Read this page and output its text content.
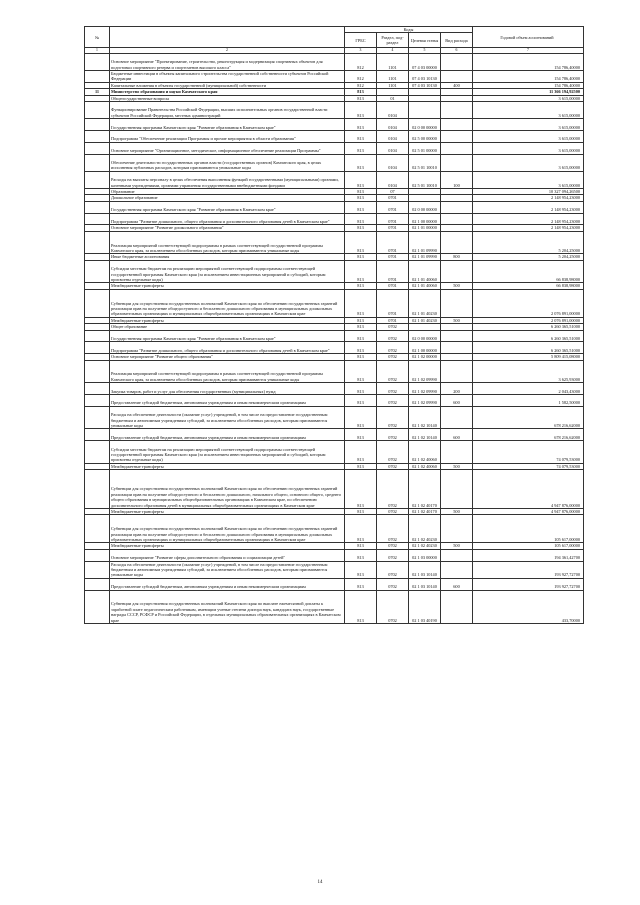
№		Коды				Годовой объем ассигнований
		ГРБС	Раздел, под-раздел	Целевая статья	Вид расхода	
1	2	3	4	5	6	7
	Основное мероприятие "Проектирование, строительство, реконструкция и модернизация спортивных объектов для подготовки спортивного резерва и спортсменов высокого класса"	812	1101	07 4 03 00000		154 786,40000
	Бюджетные инвестиции в объекты капитального строительства государственной собственности субъектов Российской Федерации	812	1101	07 4 03 10130		154 786,40000
	Капитальные вложения в объекты государственной (муниципальной) собственности	812	1101	07 4 03 10130	400	154 786,40000
11	Министерство образования и науки Камчатского края	813				11 366 194,92500
	Общегосударственные вопросы	813	01			3 615,00000
	Функционирование Правительства Российской Федерации, высших исполнительных органов государственной власти субъектов Российской Федерации, местных администраций	813	0104			3 615,00000
	Государственная программа Камчатского края "Развитие образования в Камчатском крае"	813	0104	02 0 00 00000		3 615,00000
	Подпрограмма "Обеспечение реализации Программы и прочие мероприятия в области образования"	813	0104	02 5 00 00000		3 615,00000
	Основное мероприятие "Организационное, методическое, информационное обеспечение реализации Программы"	813	0104	02 5 01 00000		3 615,00000
	Обеспечение деятельности государственных органов власти (государственных органов) Камчатского края, в целях исполнения публичных расходов, которым присваиваются уникальные коды	813	0104	02 5 01 10010		3 615,00000
	Расходы на выплаты персоналу в целях обеспечения выполнения функций государственными (муниципальными) органами, казенными учреждениями, органами управления государственными внебюджетными фондами	813	0104	02 5 01 10010	100	3 615,00000
	Образование	813	07			10 327 094,26500
	Дошкольное образование	813	0701			2 148 954,23000
	Государственная программа Камчатского края "Развитие образования в Камчатском крае"	813	0701	02 0 00 00000		2 148 954,23000
	Подпрограмма "Развитие дошкольного, общего образования и дополнительного образования детей в Камчатском крае"	813	0701	02 1 00 00000		2 148 954,23000
	Основное мероприятие "Развитие дошкольного образования"	813	0701	02 1 01 00000		2 148 954,23000
	Реализация мероприятий соответствующей подпрограммы в рамках соответствующей государственной программы Камчатского края, за исключением обособленных расходов, которым присваиваются уникальные коды	813	0701	02 1 01 09990		5 204,25000
	Иные бюджетные ассигнования	813	0701	02 1 01 09990	800	5 204,25000
	Субсидии местным бюджетам на реализацию мероприятий соответствующей подпрограммы соответствующей государственной программы Камчатского края (за исключением инвестиционных мероприятий и субсидий, которым присвоены отдельные коды)	813	0701	02 1 01 40060		66 838,98000
	Межбюджетные трансферты	813	0701	02 1 01 40060	500	66 838,98000
	Субвенции для осуществления государственных полномочий Камчатского края по обеспечению государственных гарантий реализации прав на получение общедоступного и бесплатного дошкольного образования в муниципальных дошкольных образовательных организациях и муниципальных общеобразовательных организациях в Камчатском крае	813	0701	02 1 01 40230		2 076 891,00000
	Межбюджетные трансферты	813	0701	02 1 01 40230	500	2 076 891,00000
	Общее образование	813	0702			6 260 365,51000
	Государственная программа Камчатского края "Развитие образования в Камчатском крае"	813	0702	02 0 00 00000		6 260 365,51000
	Подпрограмма "Развитие дошкольного, общего образования и дополнительного образования детей в Камчатском крае"	813	0702	02 1 00 00000		6 260 365,51000
	Основное мероприятие "Развитие общего образования"	813	0702	02 1 02 00000		5 809 415,08000
	Реализация мероприятий соответствующей подпрограммы в рамках соответствующей государственной программы Камчатского края, за исключением обособленных расходов, которым присваиваются уникальные коды	813	0702	02 1 02 09990		3 625,93000
	Закупка товаров, работ и услуг для обеспечения государственных (муниципальных) нужд	813	0702	02 1 02 09990	200	2 043,43000
	Предоставление субсидий бюджетным, автономным учреждениям и иным некоммерческим организациям	813	0702	02 1 02 09990	600	1 582,50000
	Расходы на обеспечение деятельности (оказание услуг) учреждений, в том числе на предоставление государственным бюджетным и автономным учреждениям субсидий, за исключением обособленных расходов, которым присваиваются уникальные коды	813	0702	02 1 02 10140		678 216,62000
	Предоставление субсидий бюджетным, автономным учреждениям и иным некоммерческим организациям	813	0702	02 1 02 10140	600	678 216,62000
	Субсидии местным бюджетам на реализацию мероприятий соответствующей подпрограммы соответствующей государственной программы Камчатского края (за исключением инвестиционных мероприятий и субсидий, которым присвоены отдельные коды)	813	0702	02 1 02 40060		74 079,53000
	Межбюджетные трансферты	813	0702	02 1 02 40060	500	74 079,53000
	Субвенции для осуществления государственных полномочий Камчатского края по обеспечению государственных гарантий реализации прав на получение общедоступного и бесплатного дошкольного, начального общего, основного общего, среднего общего образования в муниципальных общеобразовательных организациях в Камчатском крае, по обеспечению дополнительного образования детей в муниципальных общеобразовательных организациях в Камчатском крае	813	0702	02 1 02 40170		4 947 876,00000
	Межбюджетные трансферты	813	0702	02 1 02 40170	500	4 947 876,00000
	Субвенции для осуществления государственных полномочий Камчатского края по обеспечению государственных гарантий реализации прав на получение общедоступного и бесплатного дошкольного образования в муниципальных дошкольных образовательных организациях и муниципальных общеобразовательных организациях в Камчатском крае	813	0702	02 1 02 40230		105 617,00000
	Межбюджетные трансферты	813	0702	02 1 02 40230	500	105 617,00000
	Основное мероприятие "Развитие сферы дополнительного образования и социализации детей"	813	0702	02 1 03 00000		194 361,42700
	Расходы на обеспечение деятельности (оказание услуг) учреждений, в том числе на предоставление государственным бюджетным и автономным учреждениям субсидий, за исключением обособленных расходов, которым присваиваются уникальные коды	813	0702	02 1 03 10140		193 927,72700
	Предоставление субсидий бюджетным, автономным учреждениям и иным некоммерческим организациям	813	0702	02 1 03 10140	600	193 927,72700
	Субвенции для осуществления государственных полномочий Камчатского края по выплате ежемесячной доплаты к заработной плате педагогическим работникам, имеющим ученые степени доктора наук, кандидата наук, государственные награды СССР, РСФСР и Российской Федерации, в отдельных муниципальных образовательных организациях в Камчатском крае	813	0702	02 1 03 40190		433,70000
14
